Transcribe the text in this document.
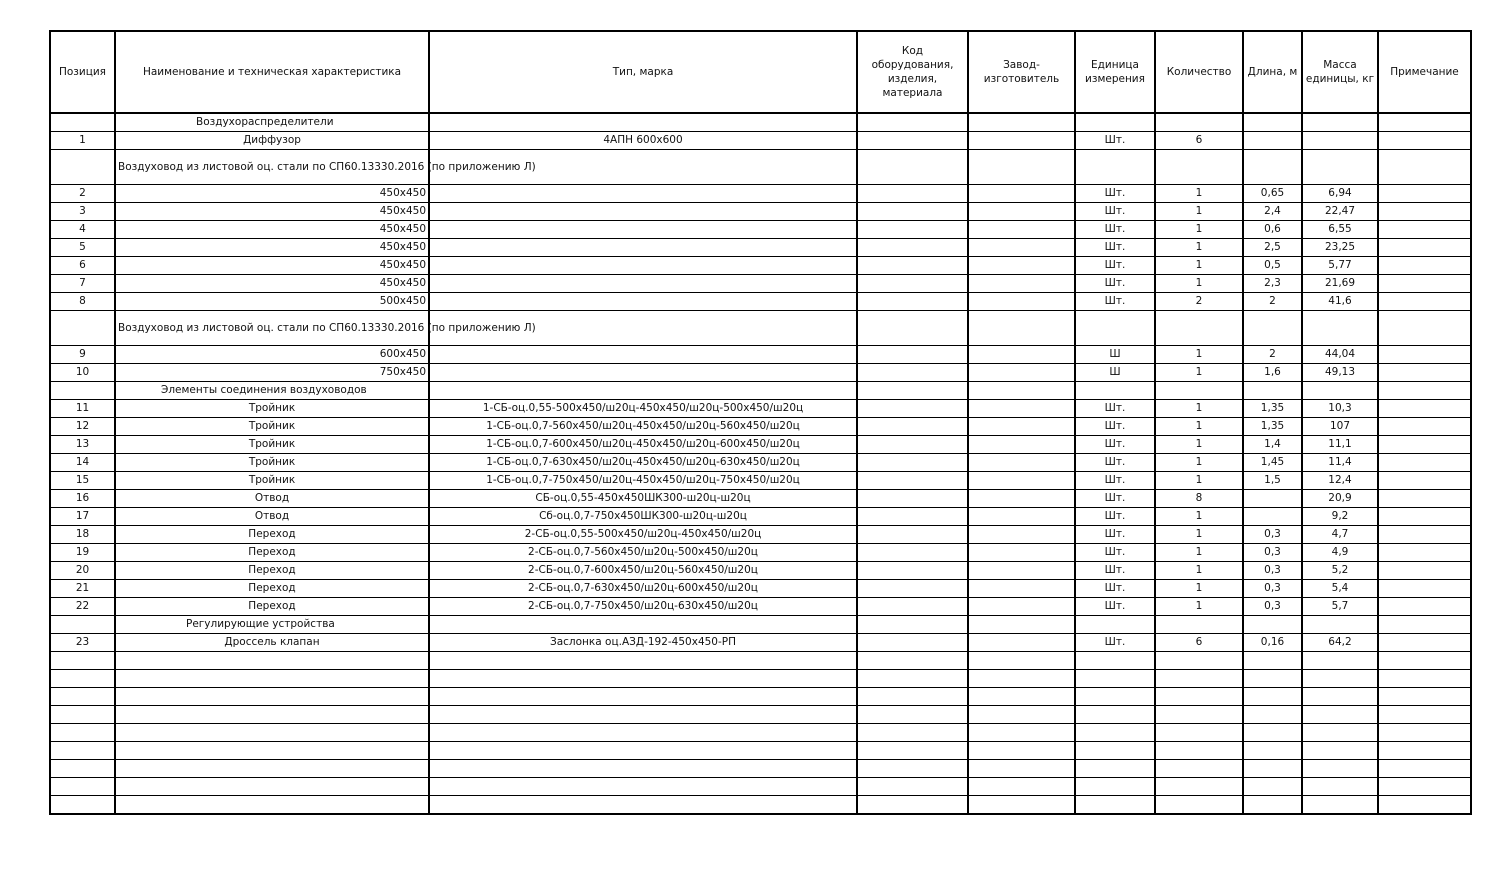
Позиция	Наименование и техническая характеристика	Тип, марка	Код оборудования, изделия, материала	Завод-изготовитель	Единица измерения	Количество	Длина, м	Масса единицы, кг	Примечание
	Воздухораспределители								
1	Диффузор	4АПН 600х600			Шт.	6			
	Воздуховод из листовой оц. стали по СП60.13330.2016 (по приложению Л)								
2	450х450				Шт.	1	0,65	6,94	
3	450х450				Шт.	1	2,4	22,47	
4	450х450				Шт.	1	0,6	6,55	
5	450х450				Шт.	1	2,5	23,25	
6	450х450				Шт.	1	0,5	5,77	
7	450х450				Шт.	1	2,3	21,69	
8	500х450				Шт.	2	2	41,6	
	Воздуховод из листовой оц. стали по СП60.13330.2016 (по приложению Л)								
9	600х450				Ш	1	2	44,04	
10	750х450				Ш	1	1,6	49,13	
	Элементы соединения воздуховодов								
11	Тройник	1-СБ-оц.0,55-500х450/ш20ц-450х450/ш20ц-500х450/ш20ц			Шт.	1	1,35	10,3	
12	Тройник	1-СБ-оц.0,7-560х450/ш20ц-450х450/ш20ц-560х450/ш20ц			Шт.	1	1,35	107	
13	Тройник	1-СБ-оц.0,7-600х450/ш20ц-450х450/ш20ц-600х450/ш20ц			Шт.	1	1,4	11,1	
14	Тройник	1-СБ-оц.0,7-630х450/ш20ц-450х450/ш20ц-630х450/ш20ц			Шт.	1	1,45	11,4	
15	Тройник	1-СБ-оц.0,7-750х450/ш20ц-450х450/ш20ц-750х450/ш20ц			Шт.	1	1,5	12,4	
16	Отвод	СБ-оц.0,55-450х450ШК300-ш20ц-ш20ц			Шт.	8		20,9	
17	Отвод	Сб-оц.0,7-750х450ШК300-ш20ц-ш20ц			Шт.	1		9,2	
18	Переход	2-СБ-оц.0,55-500х450/ш20ц-450х450/ш20ц			Шт.	1	0,3	4,7	
19	Переход	2-СБ-оц.0,7-560х450/ш20ц-500х450/ш20ц			Шт.	1	0,3	4,9	
20	Переход	2-СБ-оц.0,7-600х450/ш20ц-560х450/ш20ц			Шт.	1	0,3	5,2	
21	Переход	2-СБ-оц.0,7-630х450/ш20ц-600х450/ш20ц			Шт.	1	0,3	5,4	
22	Переход	2-СБ-оц.0,7-750х450/ш20ц-630х450/ш20ц			Шт.	1	0,3	5,7	
	Регулирующие устройства								
23	Дроссель клапан	Заслонка оц.АЗД-192-450х450-РП			Шт.	6	0,16	64,2	
